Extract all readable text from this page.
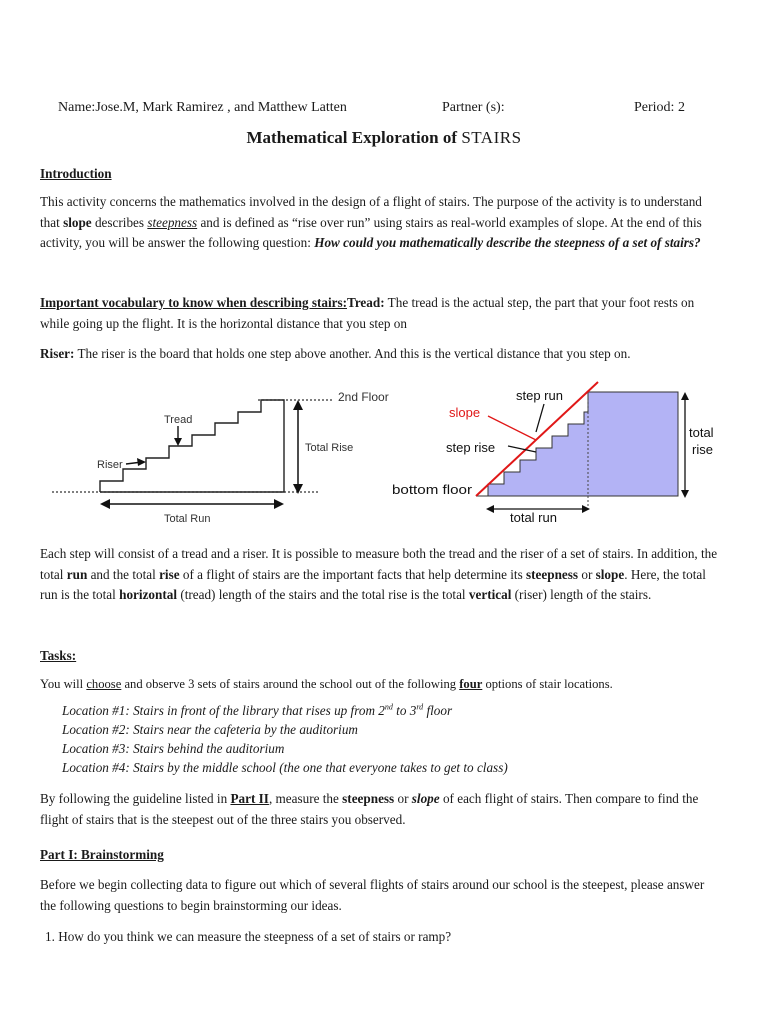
Name:Jose.M, Mark Ramirez , and Matthew Latten	Partner (s):	Period: 2
Mathematical Exploration of STAIRS
Introduction
This activity concerns the mathematics involved in the design of a flight of stairs. The purpose of the activity is to understand that slope describes steepness and is defined as “rise over run” using stairs as real-world examples of slope. At the end of this activity, you will be answer the following question: How could you mathematically describe the steepness of a set of stairs?
Important vocabulary to know when describing stairs:Tread: The tread is the actual step, the part that your foot rests on while going up the flight. It is the horizontal distance that you step on
Riser: The riser is the board that holds one step above another. And this is the vertical distance that you step on.
2nd Floor
Tread
Riser
Total Rise
Total Run
step run
slope
step rise
bottom floor
total
rise
total run
Each step will consist of a tread and a riser. It is possible to measure both the tread and the riser of a set of stairs. In addition, the total run and the total rise of a flight of stairs are the important facts that help determine its steepness or slope. Here, the total run is the total horizontal (tread) length of the stairs and the total rise is the total vertical (riser) length of the stairs.
Tasks:
You will choose and observe 3 sets of stairs around the school out of the following four options of stair locations.
Location #1: Stairs in front of the library that rises up from 2nd to 3rd floor
Location #2: Stairs near the cafeteria by the auditorium
Location #3: Stairs behind the auditorium
Location #4: Stairs by the middle school (the one that everyone takes to get to class)
By following the guideline listed in Part II, measure the steepness or slope of each flight of stairs. Then compare to find the flight of stairs that is the steepest out of the three stairs you observed.
Part I: Brainstorming
Before we begin collecting data to figure out which of several flights of stairs around our school is the steepest, please answer the following questions to begin brainstorming our ideas.
1. How do you think we can measure the steepness of a set of stairs or ramp?
